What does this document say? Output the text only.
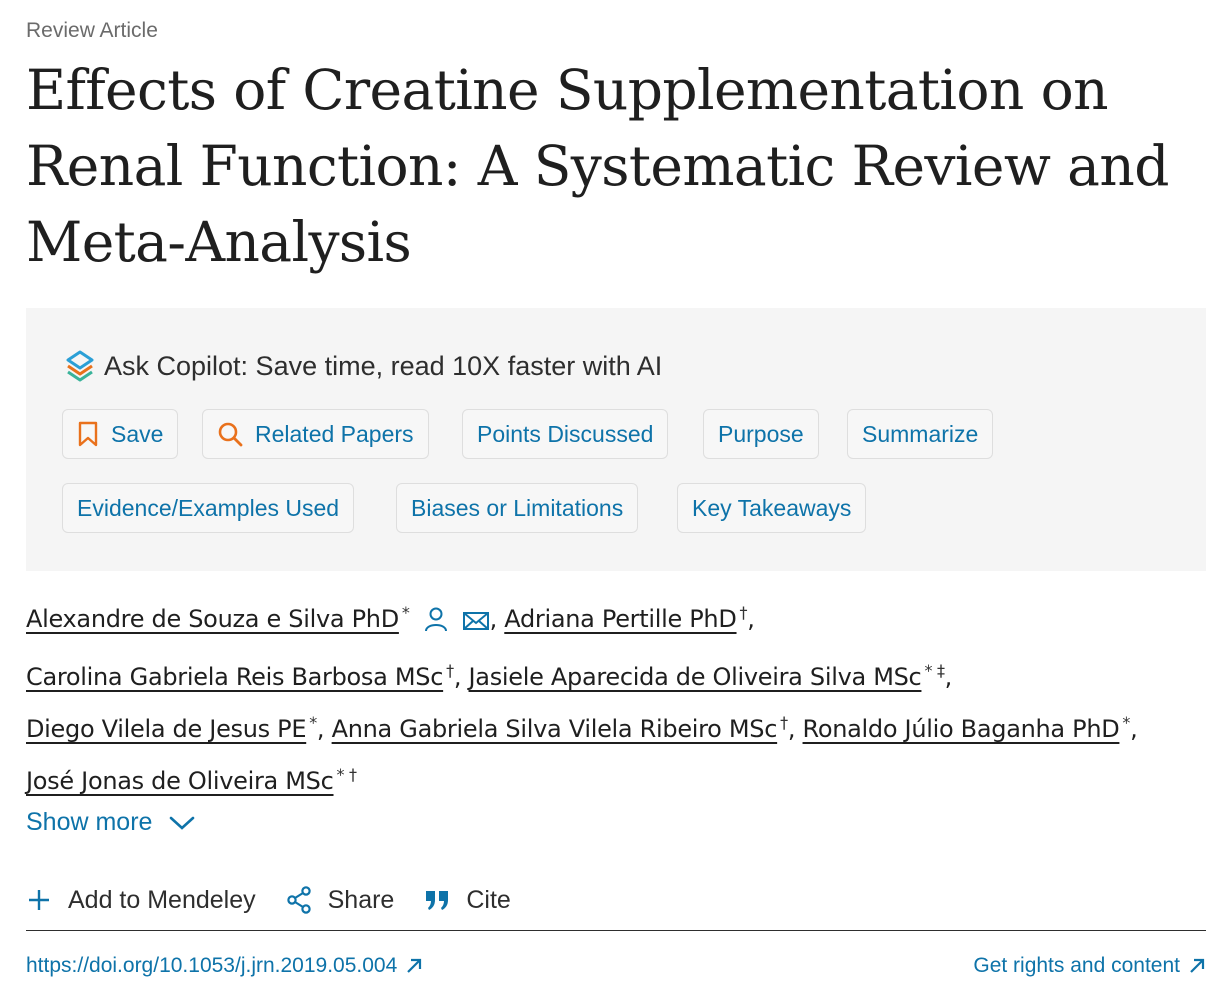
Review Article
Effects of Creatine Supplementation on Renal Function: A Systematic Review and Meta-Analysis
Ask Copilot: Save time, read 10X faster with AI
Save	Related Papers	Points Discussed	Purpose	Summarize
Evidence/Examples Used	Biases or Limitations	Key Takeaways
Alexandre de Souza e Silva PhD *	, Adriana Pertille PhD †,
Carolina Gabriela Reis Barbosa MSc †, Jasiele Aparecida de Oliveira Silva MSc * ‡,
Diego Vilela de Jesus PE *, Anna Gabriela Silva Vilela Ribeiro MSc †, Ronaldo Júlio Baganha PhD *,
José Jonas de Oliveira MSc * †
Show more
Add to Mendeley	Share	Cite
https://doi.org/10.1053/j.jrn.2019.05.004	Get rights and content
